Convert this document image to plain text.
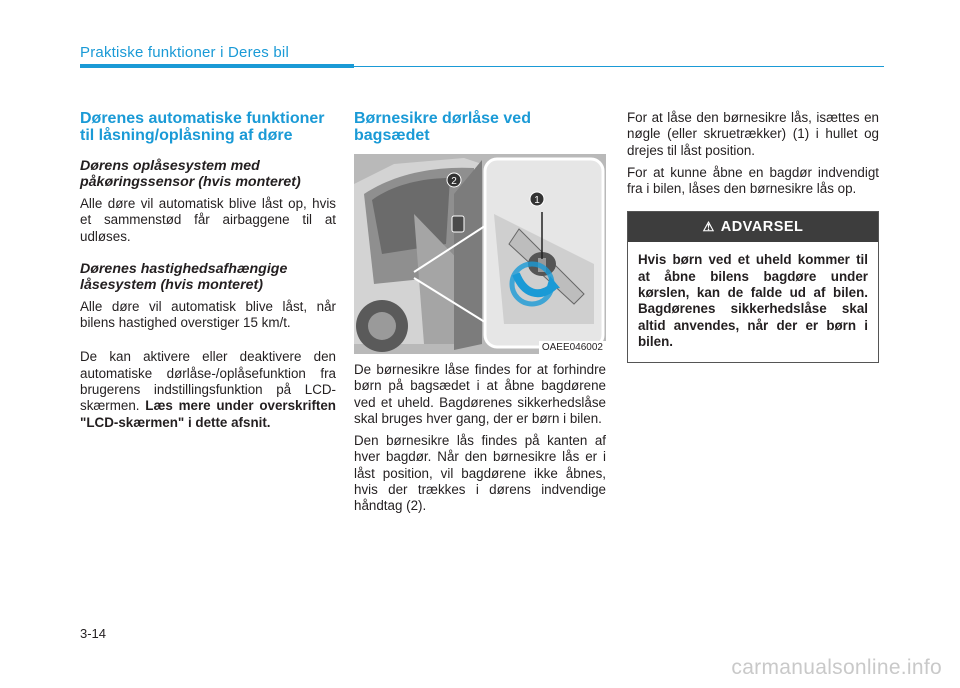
Praktiske funktioner i Deres bil
Dørenes automatiske funktioner til låsning/oplåsning af døre
Dørens oplåsesystem med påkøringssensor (hvis monteret)

Alle døre vil automatisk blive låst op, hvis et sammenstød får airbaggene til at udløses.

Dørenes hastighedsafhængige låsesystem (hvis monteret)

Alle døre vil automatisk blive låst, når bilens hastighed overstiger 15 km/t.

De kan aktivere eller deaktivere den automatiske dørlåse-/oplåsefunktion fra brugerens indstillingsfunktion på LCD-skærmen. Læs mere under overskriften "LCD-skærmen" i dette afsnit.

Børnesikre dørlåse ved bagsædet
2
1
OAEE046002

De børnesikre låse findes for at forhindre børn på bagsædet i at åbne bagdørene ved et uheld. Bagdørenes sikkerhedslåse skal bruges hver gang, der er børn i bilen.

Den børnesikre lås findes på kanten af hver bagdør. Når den børnesikre lås er i låst position, vil bagdørene ikke åbnes, hvis der trækkes i dørens indvendige håndtag (2).

For at låse den børnesikre lås, isættes en nøgle (eller skruetrækker) (1) i hullet og drejes til låst position.

For at kunne åbne en bagdør indvendigt fra i bilen, låses den børnesikre lås op.

⚠ ADVARSEL
Hvis børn ved et uheld kommer til at åbne bilens bagdøre under kørslen, kan de falde ud af bilen. Bagdørenes sikkerhedslåse skal altid anvendes, når der er børn i bilen.
3-14
carmanualsonline.info
